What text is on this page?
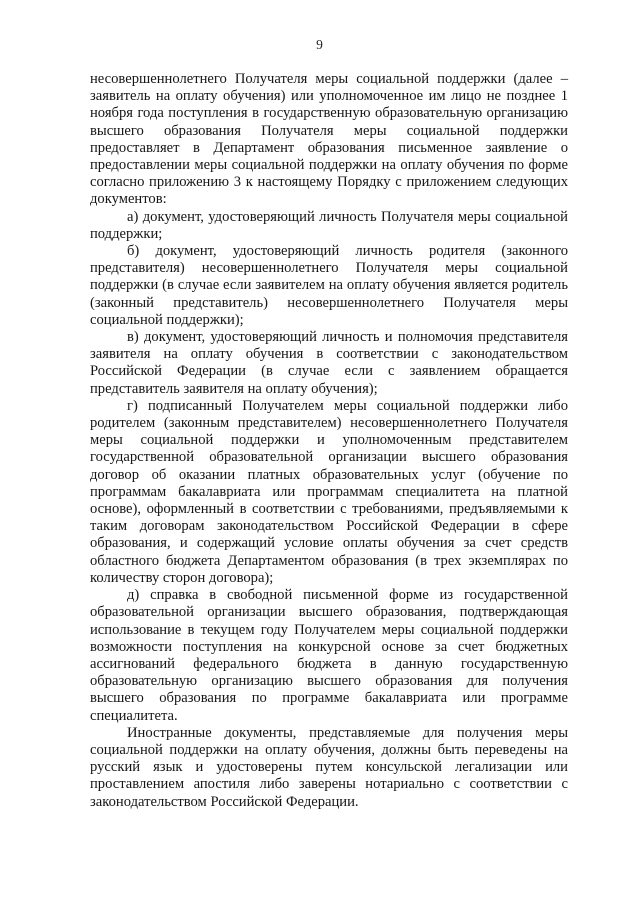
9

несовершеннолетнего Получателя меры социальной поддержки (далее – заявитель на оплату обучения) или уполномоченное им лицо не позднее 1 ноября года поступления в государственную образовательную организацию высшего образования Получателя меры социальной поддержки предоставляет в Департамент образования письменное заявление о предоставлении меры социальной поддержки на оплату обучения по форме согласно приложению 3 к настоящему Порядку с приложением следующих документов:

а) документ, удостоверяющий личность Получателя меры социальной поддержки;

б) документ, удостоверяющий личность родителя (законного представителя) несовершеннолетнего Получателя меры социальной поддержки (в случае если заявителем на оплату обучения является родитель (законный представитель) несовершеннолетнего Получателя меры социальной поддержки);

в) документ, удостоверяющий личность и полномочия представителя заявителя на оплату обучения в соответствии с законодательством Российской Федерации (в случае если с заявлением обращается представитель заявителя на оплату обучения);

г) подписанный Получателем меры социальной поддержки либо родителем (законным представителем) несовершеннолетнего Получателя меры социальной поддержки и уполномоченным представителем государственной образовательной организации высшего образования договор об оказании платных образовательных услуг (обучение по программам бакалавриата или программам специалитета на платной основе), оформленный в соответствии с требованиями, предъявляемыми к таким договорам законодательством Российской Федерации в сфере образования, и содержащий условие оплаты обучения за счет средств областного бюджета Департаментом образования (в трех экземплярах по количеству сторон договора);

д) справка в свободной письменной форме из государственной образовательной организации высшего образования, подтверждающая использование в текущем году Получателем меры социальной поддержки возможности поступления на конкурсной основе за счет бюджетных ассигнований федерального бюджета в данную государственную образовательную организацию высшего образования для получения высшего образования по программе бакалавриата или программе специалитета.

Иностранные документы, представляемые для получения меры социальной поддержки на оплату обучения, должны быть переведены на русский язык и удостоверены путем консульской легализации или проставлением апостиля либо заверены нотариально с соответствии с законодательством Российской Федерации.
